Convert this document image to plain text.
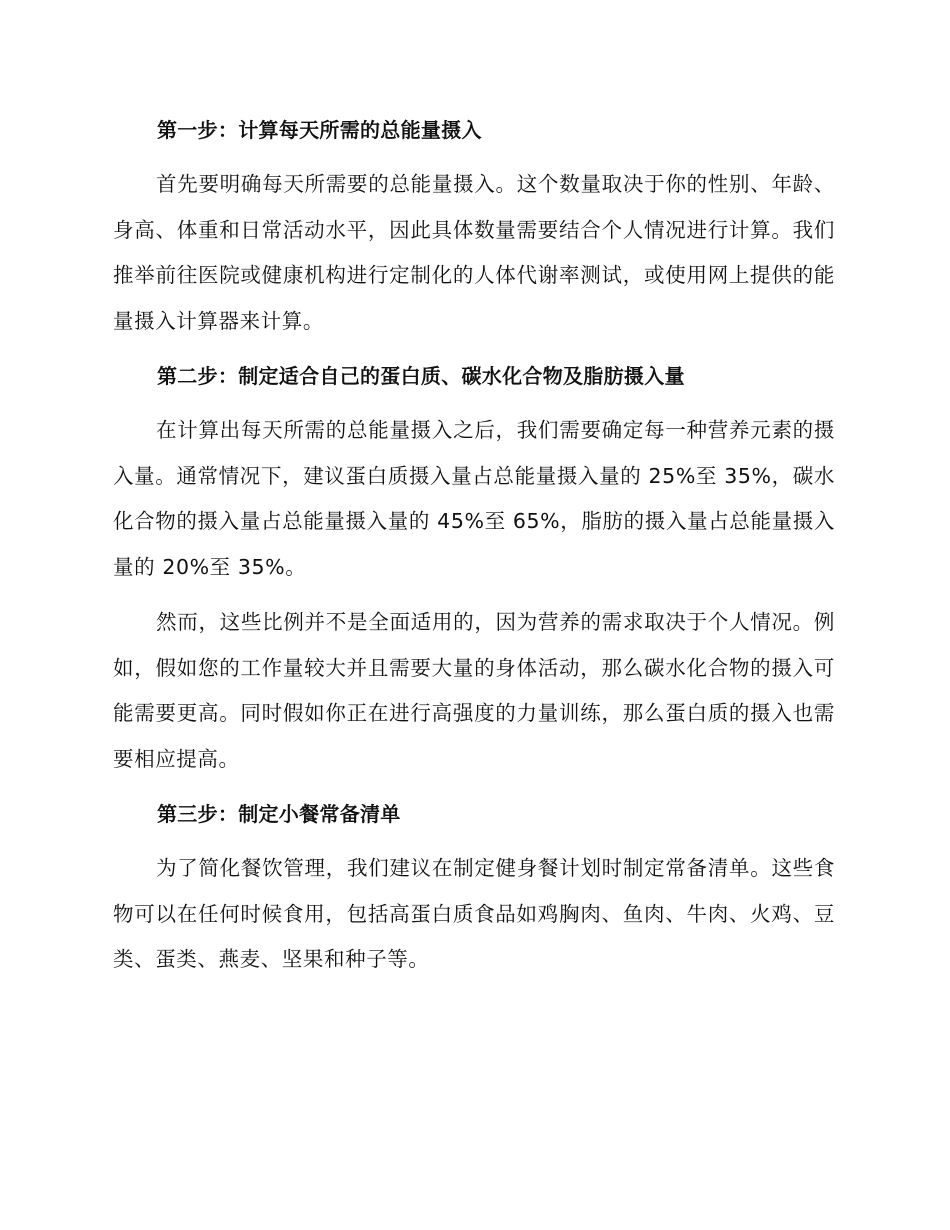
第一步：计算每天所需的总能量摄入

首先要明确每天所需要的总能量摄入。这个数量取决于你的性别、年龄、身高、体重和日常活动水平，因此具体数量需要结合个人情况进行计算。我们推举前往医院或健康机构进行定制化的人体代谢率测试，或使用网上提供的能量摄入计算器来计算。

第二步：制定适合自己的蛋白质、碳水化合物及脂肪摄入量

在计算出每天所需的总能量摄入之后，我们需要确定每一种营养元素的摄入量。通常情况下，建议蛋白质摄入量占总能量摄入量的 25%至 35%，碳水化合物的摄入量占总能量摄入量的 45%至 65%，脂肪的摄入量占总能量摄入量的 20%至 35%。

然而，这些比例并不是全面适用的，因为营养的需求取决于个人情况。例如，假如您的工作量较大并且需要大量的身体活动，那么碳水化合物的摄入可能需要更高。同时假如你正在进行高强度的力量训练，那么蛋白质的摄入也需要相应提高。

第三步：制定小餐常备清单

为了简化餐饮管理，我们建议在制定健身餐计划时制定常备清单。这些食物可以在任何时候食用，包括高蛋白质食品如鸡胸肉、鱼肉、牛肉、火鸡、豆类、蛋类、燕麦、坚果和种子等。
